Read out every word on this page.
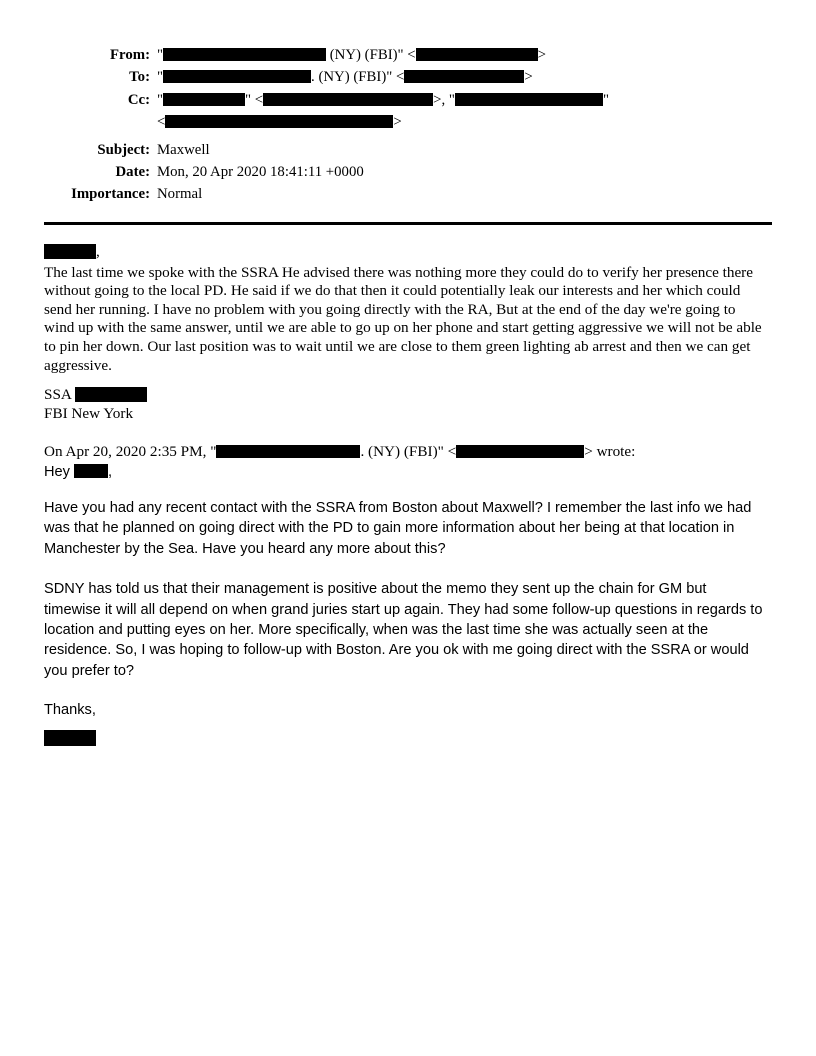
From: "	(NY) (FBI)" <	>
To: "	. (NY) (FBI)" <	>
Cc: "	" <	>, "	"
<	>
Subject: Maxwell
Date: Mon, 20 Apr 2020 18:41:11 +0000
Importance: Normal

,

The last time we spoke with the SSRA He advised there was nothing more they could do to verify her presence there without going to the local PD. He said if we do that then it could potentially leak our interests and her which could send her running. I have no problem with you going directly with the RA, But at the end of the day we're going to wind up with the same answer, until we are able to go up on her phone and start getting aggressive we will not be able to pin her down. Our last position was to wait until we are close to them green lighting ab arrest and then we can get aggressive.

SSA
FBI New York
On Apr 20, 2020 2:35 PM, "	. (NY) (FBI)" <	> wrote:
Hey ,

Have you had any recent contact with the SSRA from Boston about Maxwell? I remember the last info we had was that he planned on going direct with the PD to gain more information about her being at that location in Manchester by the Sea. Have you heard any more about this?

SDNY has told us that their management is positive about the memo they sent up the chain for GM but timewise it will all depend on when grand juries start up again. They had some follow-up questions in regards to location and putting eyes on her. More specifically, when was the last time she was actually seen at the residence. So, I was hoping to follow-up with Boston. Are you ok with me going direct with the SSRA or would you prefer to?

Thanks,
